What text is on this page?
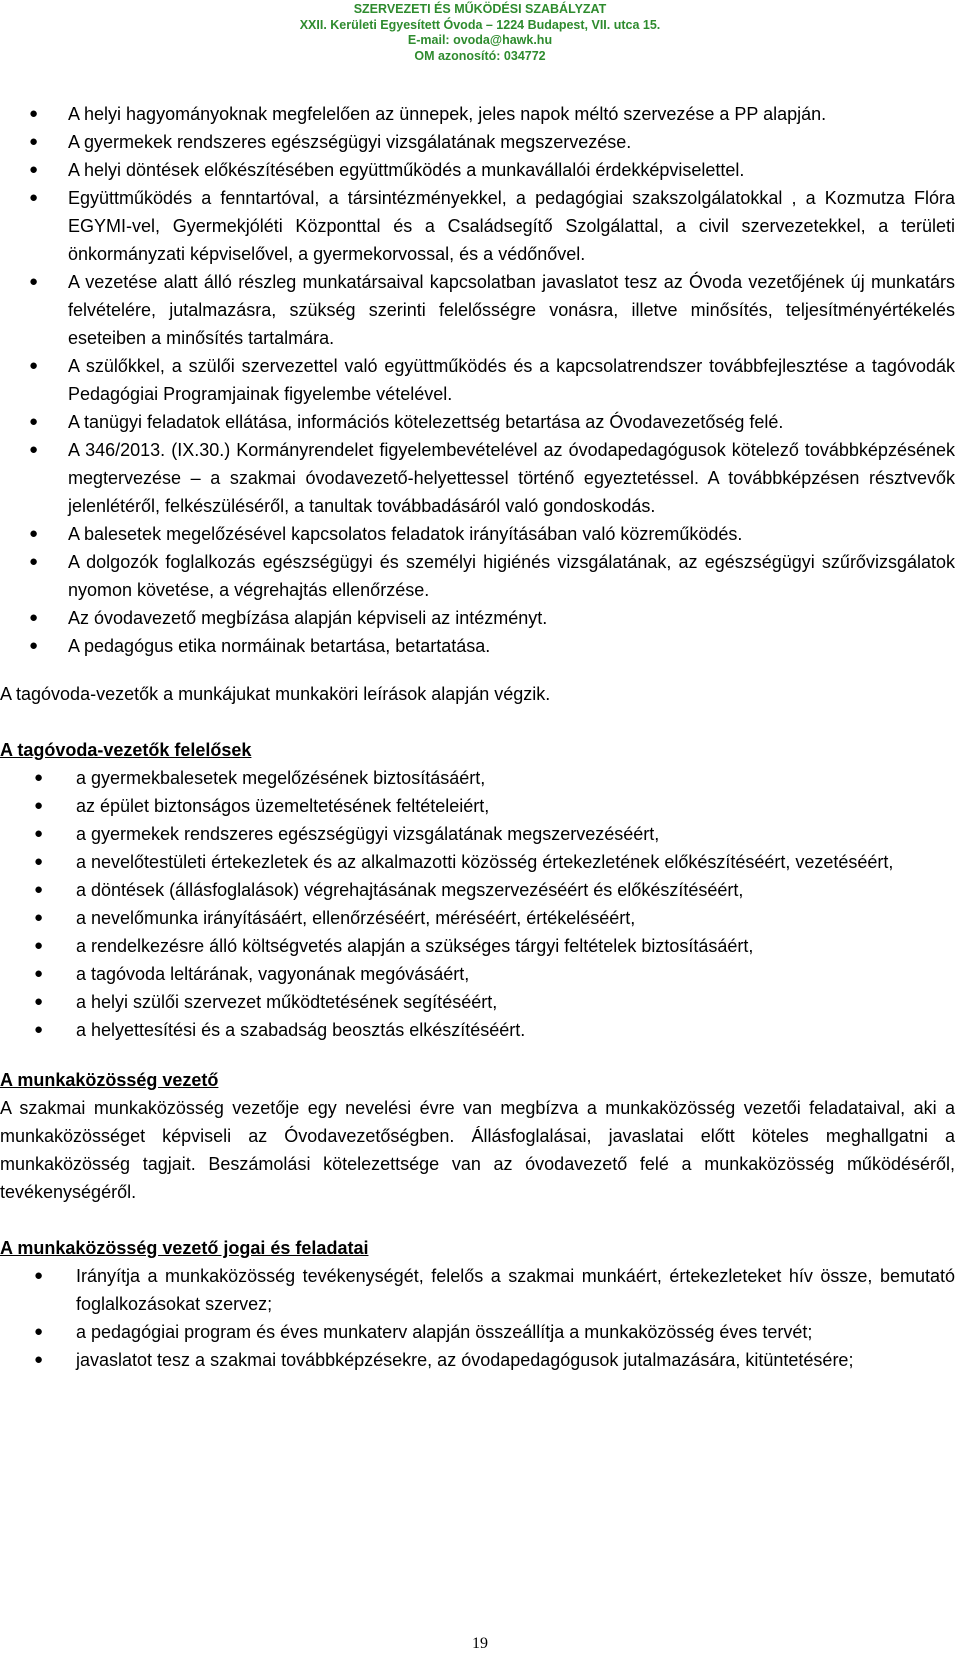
SZERVEZETI ÉS MŰKÖDÉSI SZABÁLYZAT
XXII. Kerületi Egyesített Óvoda – 1224 Budapest, VII. utca 15.
E-mail: ovoda@hawk.hu
OM azonosító: 034772
● A helyi hagyományoknak megfelelően az ünnepek, jeles napok méltó szervezése a PP alapján.
● A gyermekek rendszeres egészségügyi vizsgálatának megszervezése.
● A helyi döntések előkészítésében együttműködés a munkavállalói érdekképviselettel.
● Együttműködés a fenntartóval, a társintézményekkel, a pedagógiai szakszolgálatokkal , a Kozmutza Flóra EGYMI-vel, Gyermekjóléti Központtal és a Családsegítő Szolgálattal, a civil szervezetekkel, a területi önkormányzati képviselővel, a gyermekorvossal, és a védőnővel.
● A vezetése alatt álló részleg munkatársaival kapcsolatban javaslatot tesz az Óvoda vezetőjének új munkatárs felvételére, jutalmazásra, szükség szerinti felelősségre vonásra, illetve minősítés, teljesítményértékelés eseteiben a minősítés tartalmára.
● A szülőkkel, a szülői szervezettel való együttműködés és a kapcsolatrendszer továbbfejlesztése a tagóvodák Pedagógiai Programjainak figyelembe vételével.
● A tanügyi feladatok ellátása, információs kötelezettség betartása az Óvodavezetőség felé.
● A 346/2013. (IX.30.) Kormányrendelet figyelembevételével az óvodapedagógusok kötelező továbbképzésének megtervezése – a szakmai óvodavezető-helyettessel történő egyeztetéssel. A továbbképzésen résztvevők jelenlétéről, felkészüléséről, a tanultak továbbadásáról való gondoskodás.
● A balesetek megelőzésével kapcsolatos feladatok irányításában való közreműködés.
● A dolgozók foglalkozás egészségügyi és személyi higiénés vizsgálatának, az egészségügyi szűrővizsgálatok nyomon követése, a végrehajtás ellenőrzése.
● Az óvodavezető megbízása alapján képviseli az intézményt.
● A pedagógus etika normáinak betartása, betartatása.

A tagóvoda-vezetők a munkájukat munkaköri leírások alapján végzik.

A tagóvoda-vezetők felelősek

● a gyermekbalesetek megelőzésének biztosításáért,
● az épület biztonságos üzemeltetésének feltételeiért,
● a gyermekek rendszeres egészségügyi vizsgálatának megszervezéséért,
● a nevelőtestületi értekezletek és az alkalmazotti közösség értekezletének előkészítéséért, vezetéséért,
● a döntések (állásfoglalások) végrehajtásának megszervezéséért és előkészítéséért,
● a nevelőmunka irányításáért, ellenőrzéséért, méréséért, értékeléséért,
● a rendelkezésre álló költségvetés alapján a szükséges tárgyi feltételek biztosításáért,
● a tagóvoda leltárának, vagyonának megóvásáért,
● a helyi szülői szervezet működtetésének segítéséért,
● a helyettesítési és a szabadság beosztás elkészítéséért.

A munkaközösség vezető

A szakmai munkaközösség vezetője egy nevelési évre van megbízva a munkaközösség vezetői feladataival, aki a munkaközösséget képviseli az Óvodavezetőségben. Állásfoglalásai, javaslatai előtt köteles meghallgatni a munkaközösség tagjait. Beszámolási kötelezettsége van az óvodavezető felé a munkaközösség működéséről, tevékenységéről.

A munkaközösség vezető jogai és feladatai

● Irányítja a munkaközösség tevékenységét, felelős a szakmai munkáért, értekezleteket hív össze, bemutató foglalkozásokat szervez;
● a pedagógiai program és éves munkaterv alapján összeállítja a munkaközösség éves tervét;
● javaslatot tesz a szakmai továbbképzésekre, az óvodapedagógusok jutalmazására, kitüntetésére;
19
